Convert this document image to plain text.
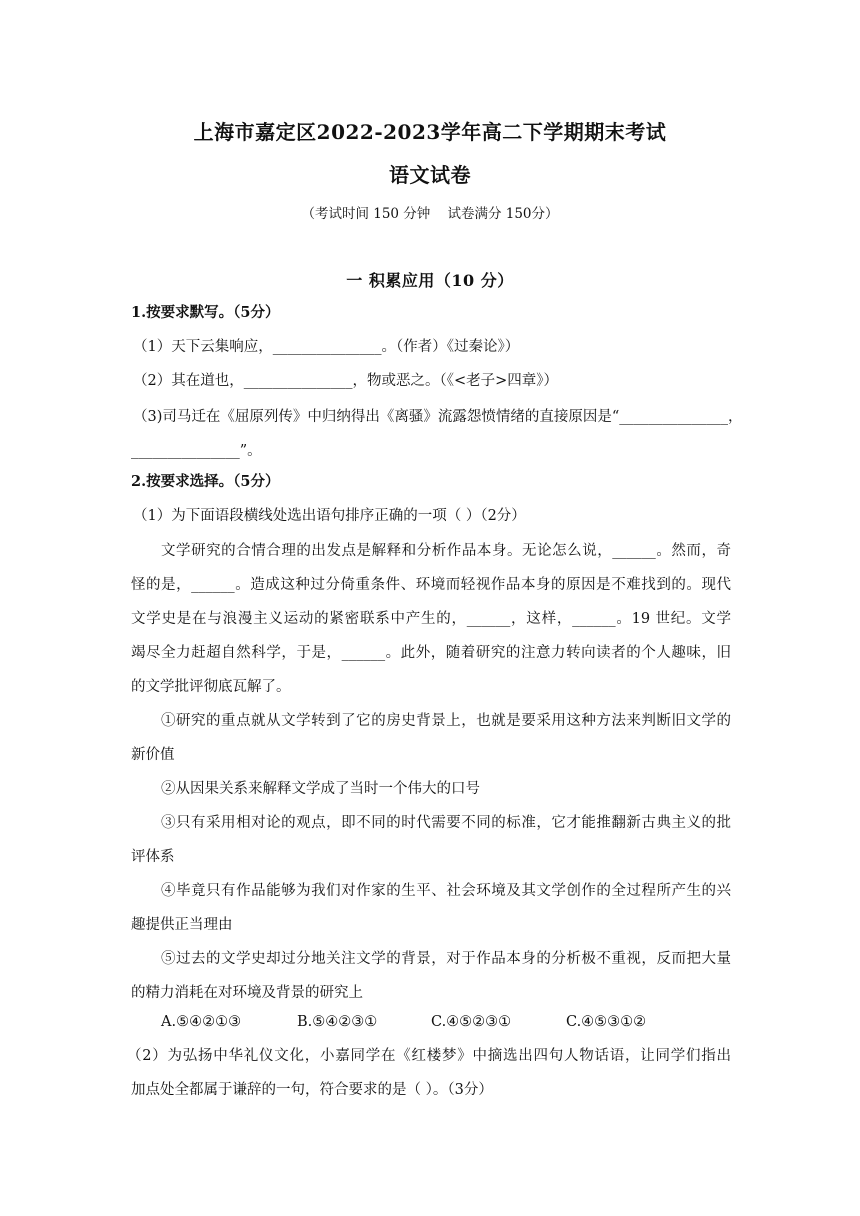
上海市嘉定区2022-2023学年高二下学期期末考试
语文试卷
（考试时间 150 分钟    试卷满分 150分）
一 积累应用（10 分）
1.按要求默写。（5分）
（1）天下云集响应，_______________。（作者）《过秦论》）
（2）其在道也，_______________，物或恶之。（《<老子>四章》）
（3)司马迁在《屈原列传》中归纳得出《离骚》流露怨愤情绪的直接原因是“_______________，
_______________”。
2.按要求选择。（5分）
（1）为下面语段横线处选出语句排序正确的一项（ ）（2分）
文学研究的合情合理的出发点是解释和分析作品本身。无论怎么说，______。然而，奇
怪的是，______。造成这种过分倚重条件、环境而轻视作品本身的原因是不难找到的。现代
文学史是在与浪漫主义运动的紧密联系中产生的，______，这样，______。19 世纪。文学
竭尽全力赶超自然科学，于是，______。此外，随着研究的注意力转向读者的个人趣味，旧
的文学批评彻底瓦解了。
①研究的重点就从文学转到了它的房史背景上，也就是要采用这种方法来判断旧文学的
新价值
②从因果关系来解释文学成了当时一个伟大的口号
③只有采用相对论的观点，即不同的时代需要不同的标准，它才能推翻新古典主义的批
评体系
④毕竟只有作品能够为我们对作家的生平、社会环境及其文学创作的全过程所产生的兴
趣提供正当理由
⑤过去的文学史却过分地关注文学的背景，对于作品本身的分析极不重视，反而把大量
的精力消耗在对环境及背景的研究上
A.⑤④②①③	B.⑤④②③①	C.④⑤②③①	C.④⑤③①②
（2）为弘扬中华礼仪文化，小嘉同学在《红楼梦》中摘选出四句人物话语，让同学们指出
加点处全都属于谦辞的一句，符合要求的是（ ）。（3分）
